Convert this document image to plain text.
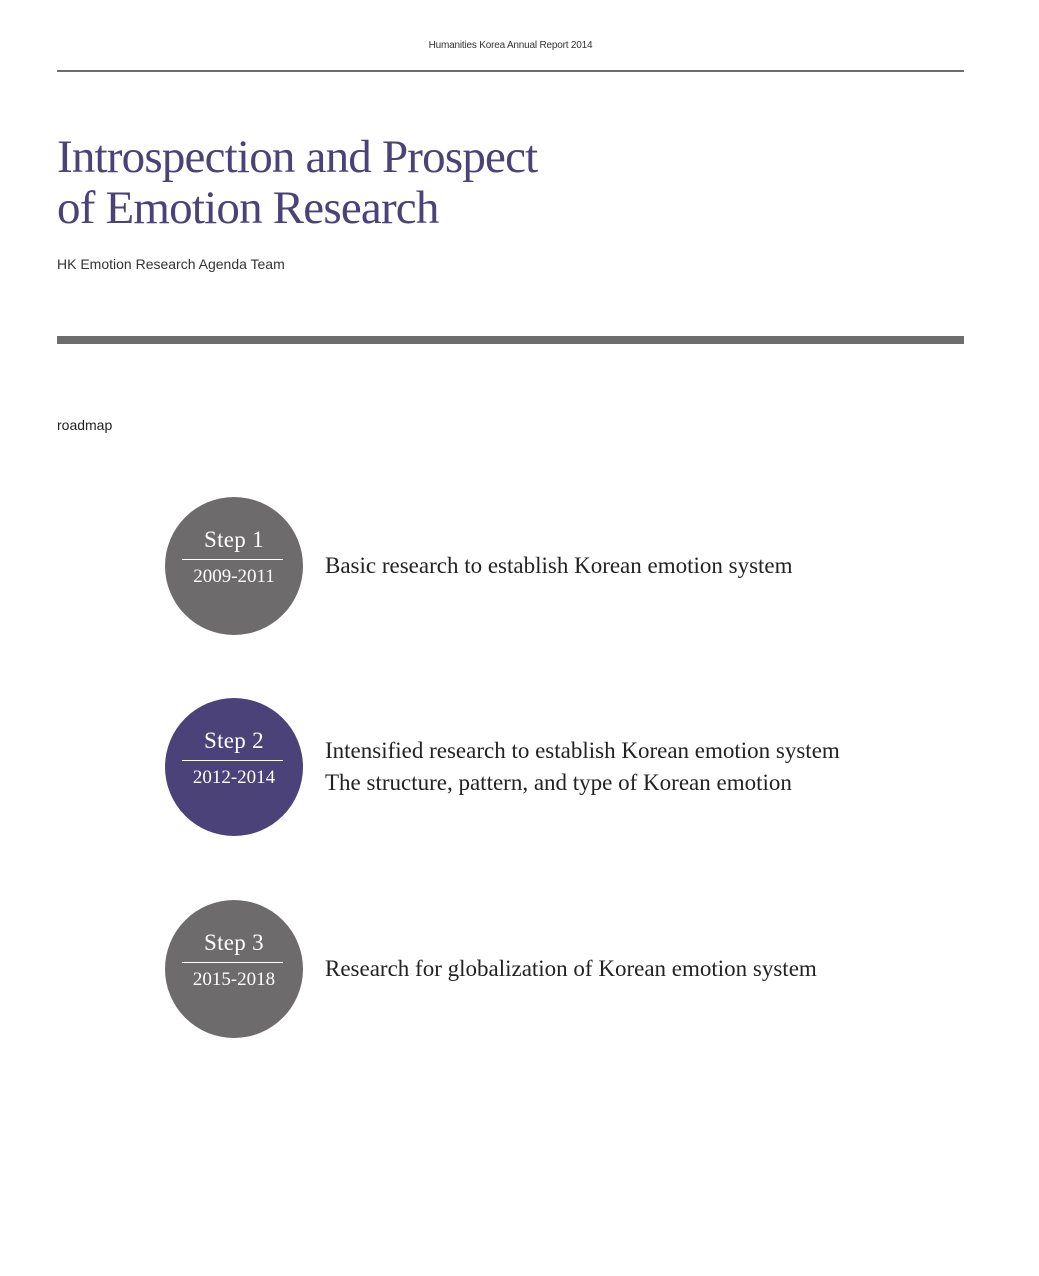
Humanities Korea Annual Report 2014
Introspection and Prospect
of Emotion Research
HK Emotion Research Agenda Team
roadmap
Step 1
2009-2011	Basic research to establish Korean emotion system
Step 2
2012-2014
Intensified research to establish Korean emotion system
The structure, pattern, and type of Korean emotion
Step 3
2015-2018	Research for globalization of Korean emotion system
